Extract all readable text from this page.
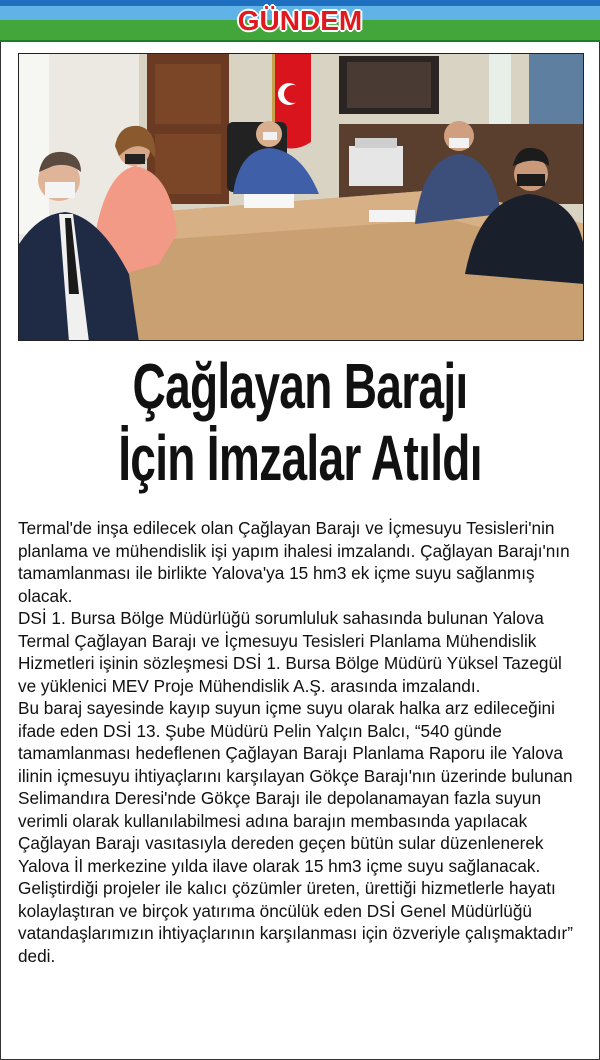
GÜNDEM
Çağlayan Barajı
İçin İmzalar Atıldı

Termal'de inşa edilecek olan Çağlayan Barajı ve İçmesuyu Tesisleri'nin planlama ve mühendislik işi yapım ihalesi imzalandı. Çağlayan Barajı'nın tamamlanması ile birlikte Yalova'ya 15 hm3 ek içme suyu sağlanmış olacak.

DSİ 1. Bursa Bölge Müdürlüğü sorumluluk sahasında bulunan Yalova Termal Çağlayan Barajı ve İçmesuyu Tesisleri Planlama Mühendislik Hizmetleri işinin sözleşmesi DSİ 1. Bursa Bölge Müdürü Yüksel Tazegül ve yüklenici MEV Proje Mühendislik A.Ş. arasında imzalandı.

Bu baraj sayesinde kayıp suyun içme suyu olarak halka arz edileceğini ifade eden DSİ 13. Şube Müdürü Pelin Yalçın Balcı, “540 günde tamamlanması hedeflenen Çağlayan Barajı Planlama Raporu ile Yalova ilinin içmesuyu ihtiyaçlarını karşılayan Gökçe Barajı'nın üzerinde bulunan Selimandıra Deresi'nde Gökçe Barajı ile depolanamayan fazla suyun verimli olarak kullanılabilmesi adına barajın membasında yapılacak Çağlayan Barajı vasıtasıyla dereden geçen bütün sular düzenlenerek Yalova İl merkezine yılda ilave olarak 15 hm3 içme suyu sağlanacak. Geliştirdiği projeler ile kalıcı çözümler üreten, ürettiği hizmetlerle hayatı kolaylaştıran ve birçok yatırıma öncülük eden DSİ Genel Müdürlüğü vatandaşlarımızın ihtiyaçlarının karşılanması için özveriyle çalışmaktadır” dedi.
